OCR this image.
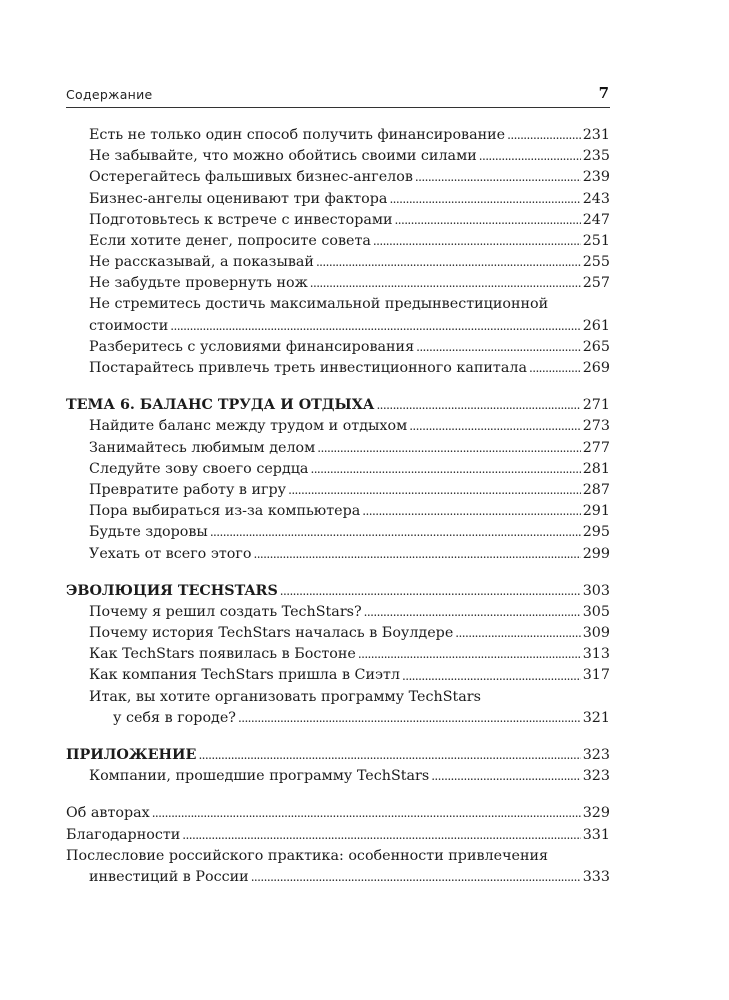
Содержание	7
Есть не только один способ получить финансирование . . .	231
Не забывайте, что можно обойтись своими силами . . .	235
Остерегайтесь фальшивых бизнес-ангелов . . .	239
Бизнес-ангелы оценивают три фактора . . .	243
Подготовьтесь к встрече с инвесторами . . .	247
Если хотите денег, попросите совета . . .	251
Не рассказывай, а показывай . . .	255
Не забудьте провернуть нож . . .	257
Не стремитесь достичь максимальной предынвестиционной
стоимости . . .	261
Разберитесь с условиями финансирования . . .	265
Постарайтесь привлечь треть инвестиционного капитала . . .	269
ТЕМА 6. БАЛАНС ТРУДА И ОТДЫХА . . .	271
Найдите баланс между трудом и отдыхом . . .	273
Занимайтесь любимым делом . . .	277
Следуйте зову своего сердца . . .	281
Превратите работу в игру . . .	287
Пора выбираться из-за компьютера . . .	291
Будьте здоровы . . .	295
Уехать от всего этого . . .	299
ЭВОЛЮЦИЯ TECHSTARS . . .	303
Почему я решил создать TechStars? . . .	305
Почему история TechStars началась в Боулдере . . .	309
Как TechStars появилась в Бостоне . . .	313
Как компания TechStars пришла в Сиэтл . . .	317
Итак, вы хотите организовать программу TechStars
у себя в городе? . . .	321
ПРИЛОЖЕНИЕ . . .	323
Компании, прошедшие программу TechStars . . .	323
Об авторах . . .	329
Благодарности . . .	331
Послесловие российского практика: особенности привлечения
инвестиций в России . . .	333
